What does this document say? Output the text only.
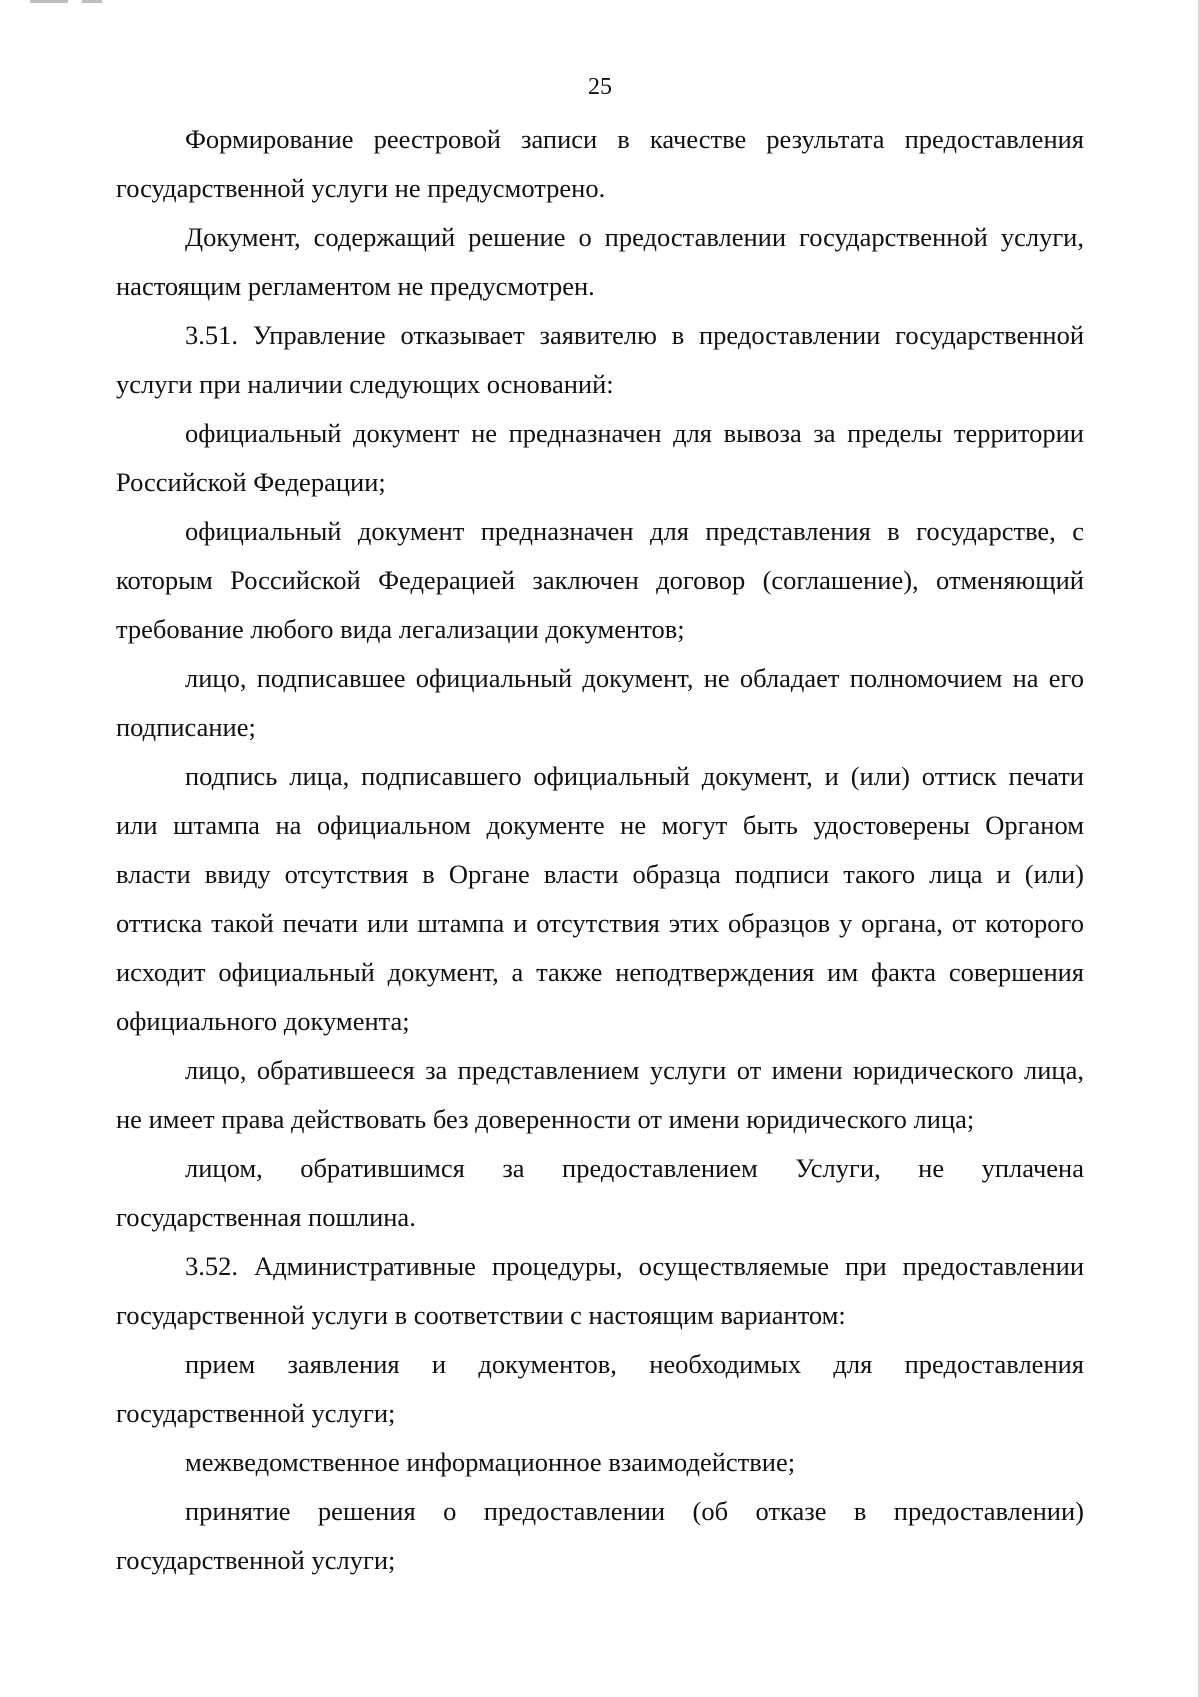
25

Формирование реестровой записи в качестве результата предоставления государственной услуги не предусмотрено.

Документ, содержащий решение о предоставлении государственной услуги, настоящим регламентом не предусмотрен.

3.51. Управление отказывает заявителю в предоставлении государственной услуги при наличии следующих оснований:

официальный документ не предназначен для вывоза за пределы территории Российской Федерации;

официальный документ предназначен для представления в государстве, с которым Российской Федерацией заключен договор (соглашение), отменяющий требование любого вида легализации документов;

лицо, подписавшее официальный документ, не обладает полномочием на его подписание;

подпись лица, подписавшего официальный документ, и (или) оттиск печати или штампа на официальном документе не могут быть удостоверены Органом власти ввиду отсутствия в Органе власти образца подписи такого лица и (или) оттиска такой печати или штампа и отсутствия этих образцов у органа, от которого исходит официальный документ, а также неподтверждения им факта совершения официального документа;

лицо, обратившееся за представлением услуги от имени юридического лица, не имеет права действовать без доверенности от имени юридического лица;

лицом, обратившимся за предоставлением Услуги, не уплачена государственная пошлина.

3.52. Административные процедуры, осуществляемые при предоставлении государственной услуги в соответствии с настоящим вариантом:

прием заявления и документов, необходимых для предоставления государственной услуги;

межведомственное информационное взаимодействие;

принятие решения о предоставлении (об отказе в предоставлении) государственной услуги;
